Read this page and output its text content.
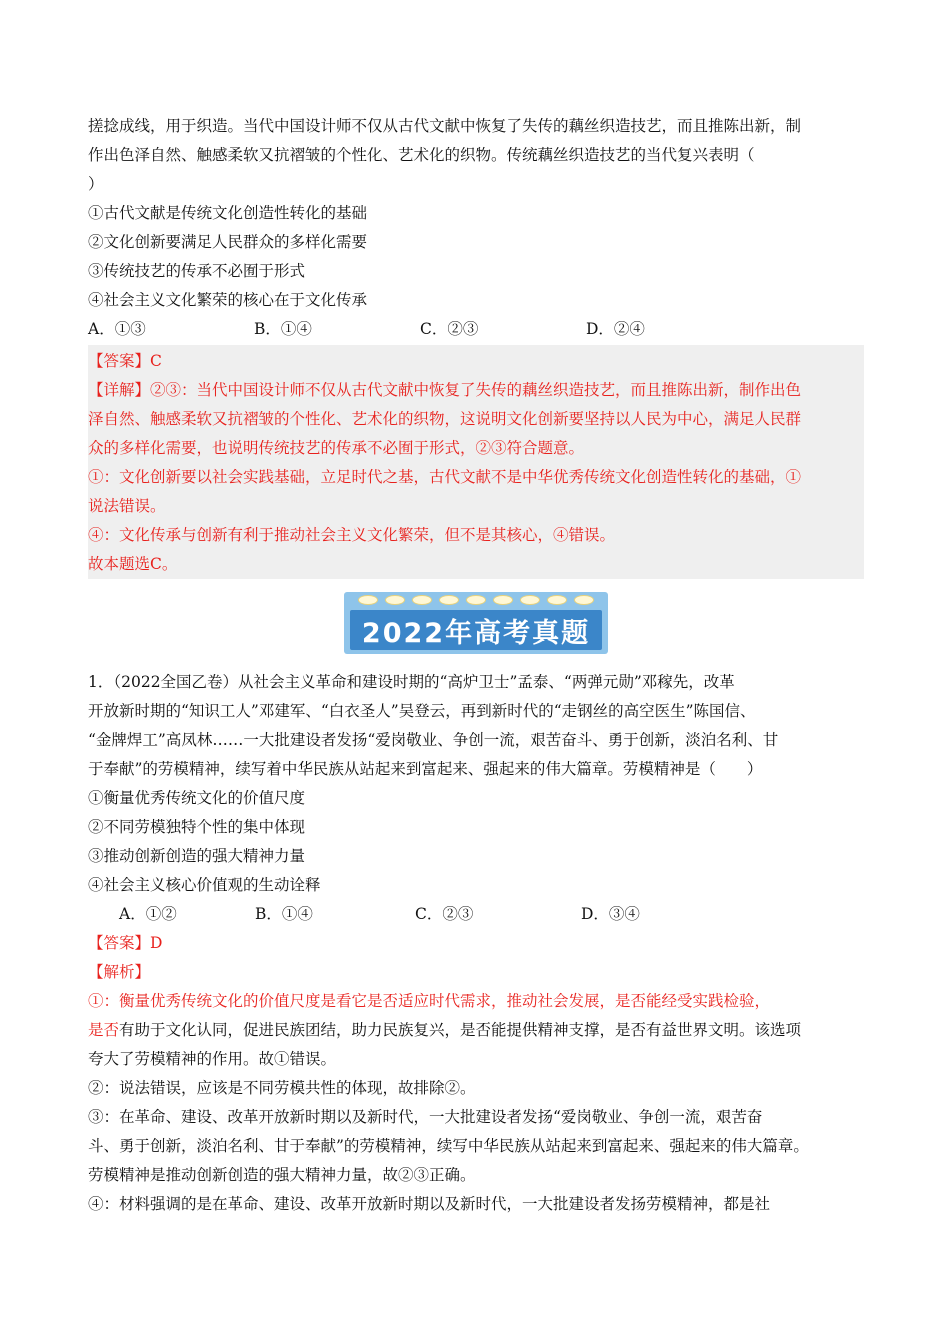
搓捻成线，用于织造。当代中国设计师不仅从古代文献中恢复了失传的藕丝织造技艺，而且推陈出新，制
作出色泽自然、触感柔软又抗褶皱的个性化、艺术化的织物。传统藕丝织造技艺的当代复兴表明（
）
①古代文献是传统文化创造性转化的基础
②文化创新要满足人民群众的多样化需要
③传统技艺的传承不必囿于形式
④社会主义文化繁荣的核心在于文化传承
A．①③	B．①④	C．②③	D．②④
【答案】C
【详解】②③：当代中国设计师不仅从古代文献中恢复了失传的藕丝织造技艺，而且推陈出新，制作出色
泽自然、触感柔软又抗褶皱的个性化、艺术化的织物，这说明文化创新要坚持以人民为中心，满足人民群
众的多样化需要，也说明传统技艺的传承不必囿于形式，②③符合题意。
①：文化创新要以社会实践基础，立足时代之基，古代文献不是中华优秀传统文化创造性转化的基础，①
说法错误。
④：文化传承与创新有利于推动社会主义文化繁荣，但不是其核心，④错误。
故本题选C。
2022年高考真题
1．（2022全国乙卷）从社会主义革命和建设时期的“高炉卫士”孟泰、“两弹元勋”邓稼先，改革
开放新时期的“知识工人”邓建军、“白衣圣人”吴登云，再到新时代的“走钢丝的高空医生”陈国信、
“金牌焊工”高凤林……一大批建设者发扬“爱岗敬业、争创一流，艰苦奋斗、勇于创新，淡泊名利、甘
于奉献”的劳模精神，续写着中华民族从站起来到富起来、强起来的伟大篇章。劳模精神是（　　）
①衡量优秀传统文化的价值尺度
②不同劳模独特个性的集中体现
③推动创新创造的强大精神力量
④社会主义核心价值观的生动诠释
A．①②	B．①④	C．②③	D．③④
【答案】D
【解析】
①：衡量优秀传统文化的价值尺度是看它是否适应时代需求，推动社会发展，是否能经受实践检验，
是否有助于文化认同，促进民族团结，助力民族复兴，是否能提供精神支撑，是否有益世界文明。该选项
夸大了劳模精神的作用。故①错误。
②：说法错误，应该是不同劳模共性的体现，故排除②。
③：在革命、建设、改革开放新时期以及新时代，一大批建设者发扬“爱岗敬业、争创一流，艰苦奋
斗、勇于创新，淡泊名利、甘于奉献”的劳模精神，续写中华民族从站起来到富起来、强起来的伟大篇章。
劳模精神是推动创新创造的强大精神力量，故②③正确。
④：材料强调的是在革命、建设、改革开放新时期以及新时代，一大批建设者发扬劳模精神，都是社
